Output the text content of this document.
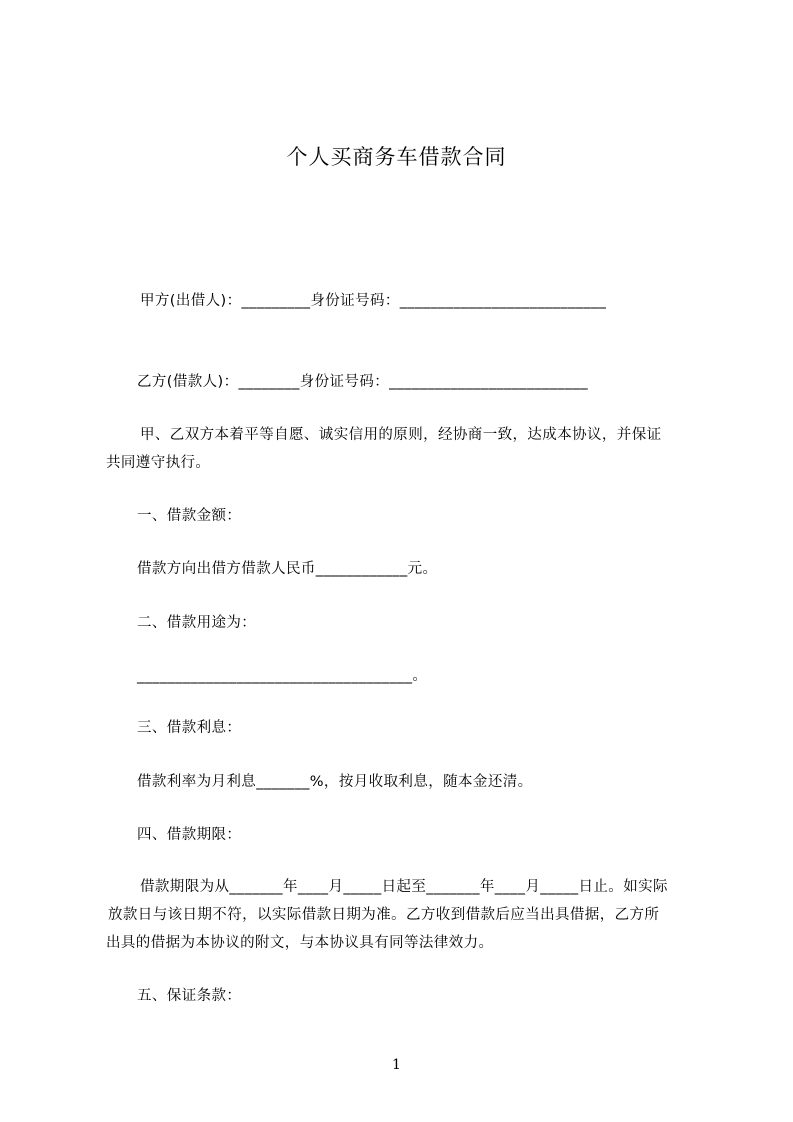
个人买商务车借款合同
甲方(出借人)：_________身份证号码：___________________________
乙方(借款人)：________身份证号码：__________________________
甲、乙双方本着平等自愿、诚实信用的原则，经协商一致，达成本协议，并保证
共同遵守执行。
一、借款金额：
借款方向出借方借款人民币____________元。
二、借款用途为：
____________________________________。
三、借款利息：
借款利率为月利息_______%，按月收取利息，随本金还清。
四、借款期限：
借款期限为从_______年____月_____日起至_______年____月_____日止。如实际
放款日与该日期不符，以实际借款日期为准。乙方收到借款后应当出具借据，乙方所
出具的借据为本协议的附文，与本协议具有同等法律效力。
五、保证条款：
1
